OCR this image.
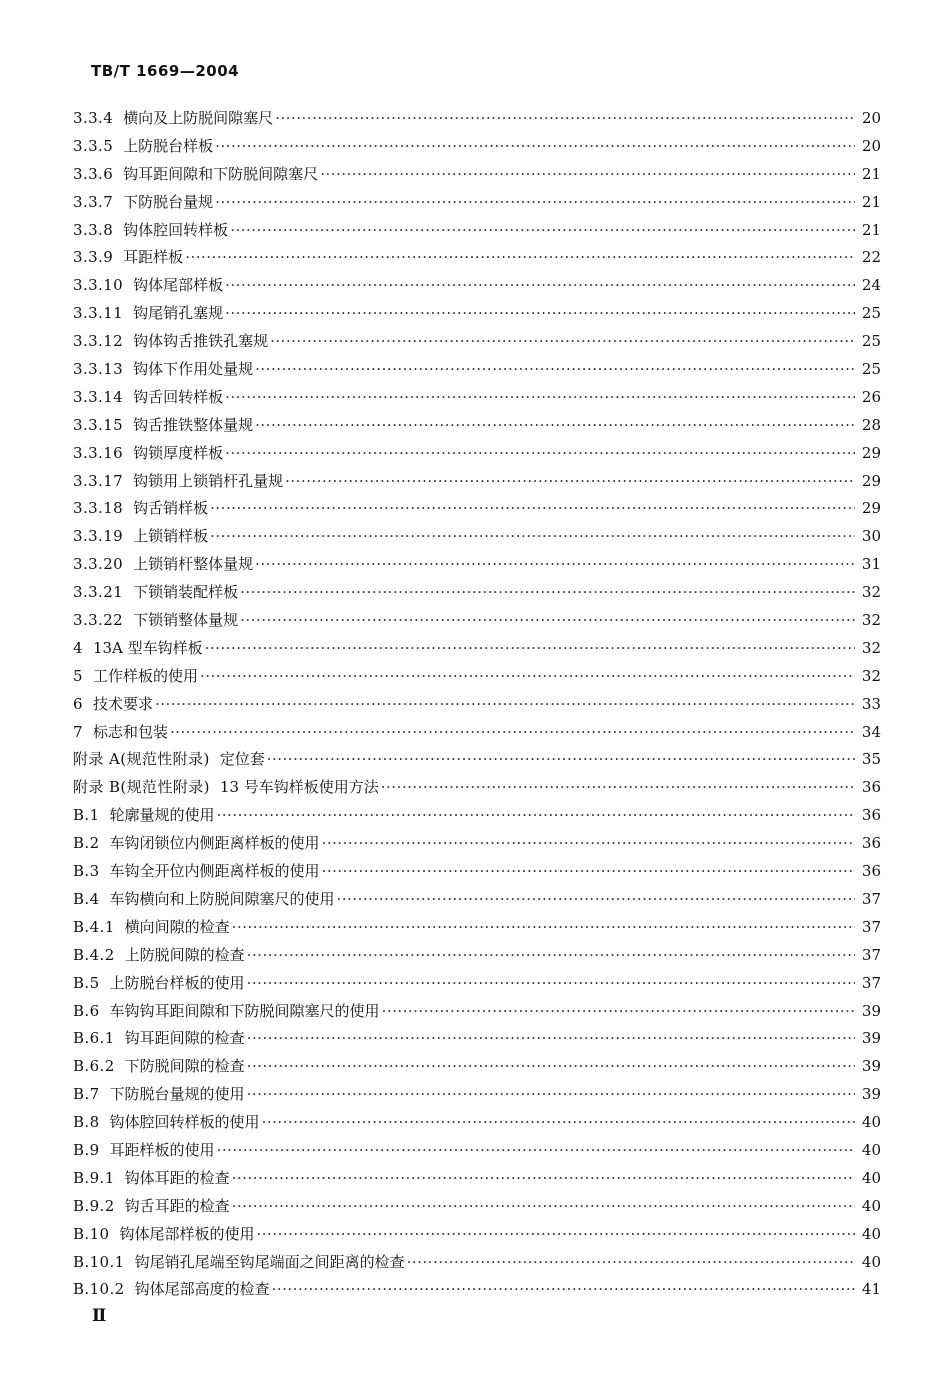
TB/T 1669—2004
3.3.4 横向及上防脱间隙塞尺 ·····	20
3.3.5 上防脱台样板 ·····	20
3.3.6 钩耳距间隙和下防脱间隙塞尺 ·····	21
3.3.7 下防脱台量规 ·····	21
3.3.8 钩体腔回转样板 ·····	21
3.3.9 耳距样板 ·····	22
3.3.10 钩体尾部样板 ·····	24
3.3.11 钩尾销孔塞规 ·····	25
3.3.12 钩体钩舌推铁孔塞规 ·····	25
3.3.13 钩体下作用处量规 ·····	25
3.3.14 钩舌回转样板 ·····	26
3.3.15 钩舌推铁整体量规 ·····	28
3.3.16 钩锁厚度样板 ·····	29
3.3.17 钩锁用上锁销杆孔量规 ·····	29
3.3.18 钩舌销样板 ·····	29
3.3.19 上锁销样板 ·····	30
3.3.20 上锁销杆整体量规 ·····	31
3.3.21 下锁销装配样板 ·····	32
3.3.22 下锁销整体量规 ·····	32
4 13A 型车钩样板 ·····	32
5 工作样板的使用 ·····	32
6 技术要求 ·····	33
7 标志和包装 ·····	34
附录 A(规范性附录) 定位套 ·····	35
附录 B(规范性附录) 13 号车钩样板使用方法 ·····	36
B.1 轮廓量规的使用 ·····	36
B.2 车钩闭锁位内侧距离样板的使用 ·····	36
B.3 车钩全开位内侧距离样板的使用 ·····	36
B.4 车钩横向和上防脱间隙塞尺的使用 ·····	37
B.4.1 横向间隙的检查 ·····	37
B.4.2 上防脱间隙的检查 ·····	37
B.5 上防脱台样板的使用 ·····	37
B.6 车钩钩耳距间隙和下防脱间隙塞尺的使用 ·····	39
B.6.1 钩耳距间隙的检查 ·····	39
B.6.2 下防脱间隙的检查 ·····	39
B.7 下防脱台量规的使用 ·····	39
B.8 钩体腔回转样板的使用 ·····	40
B.9 耳距样板的使用 ·····	40
B.9.1 钩体耳距的检查 ·····	40
B.9.2 钩舌耳距的检查 ·····	40
B.10 钩体尾部样板的使用 ·····	40
B.10.1 钩尾销孔尾端至钩尾端面之间距离的检查 ·····	40
B.10.2 钩体尾部高度的检查 ·····	41
Ⅱ
